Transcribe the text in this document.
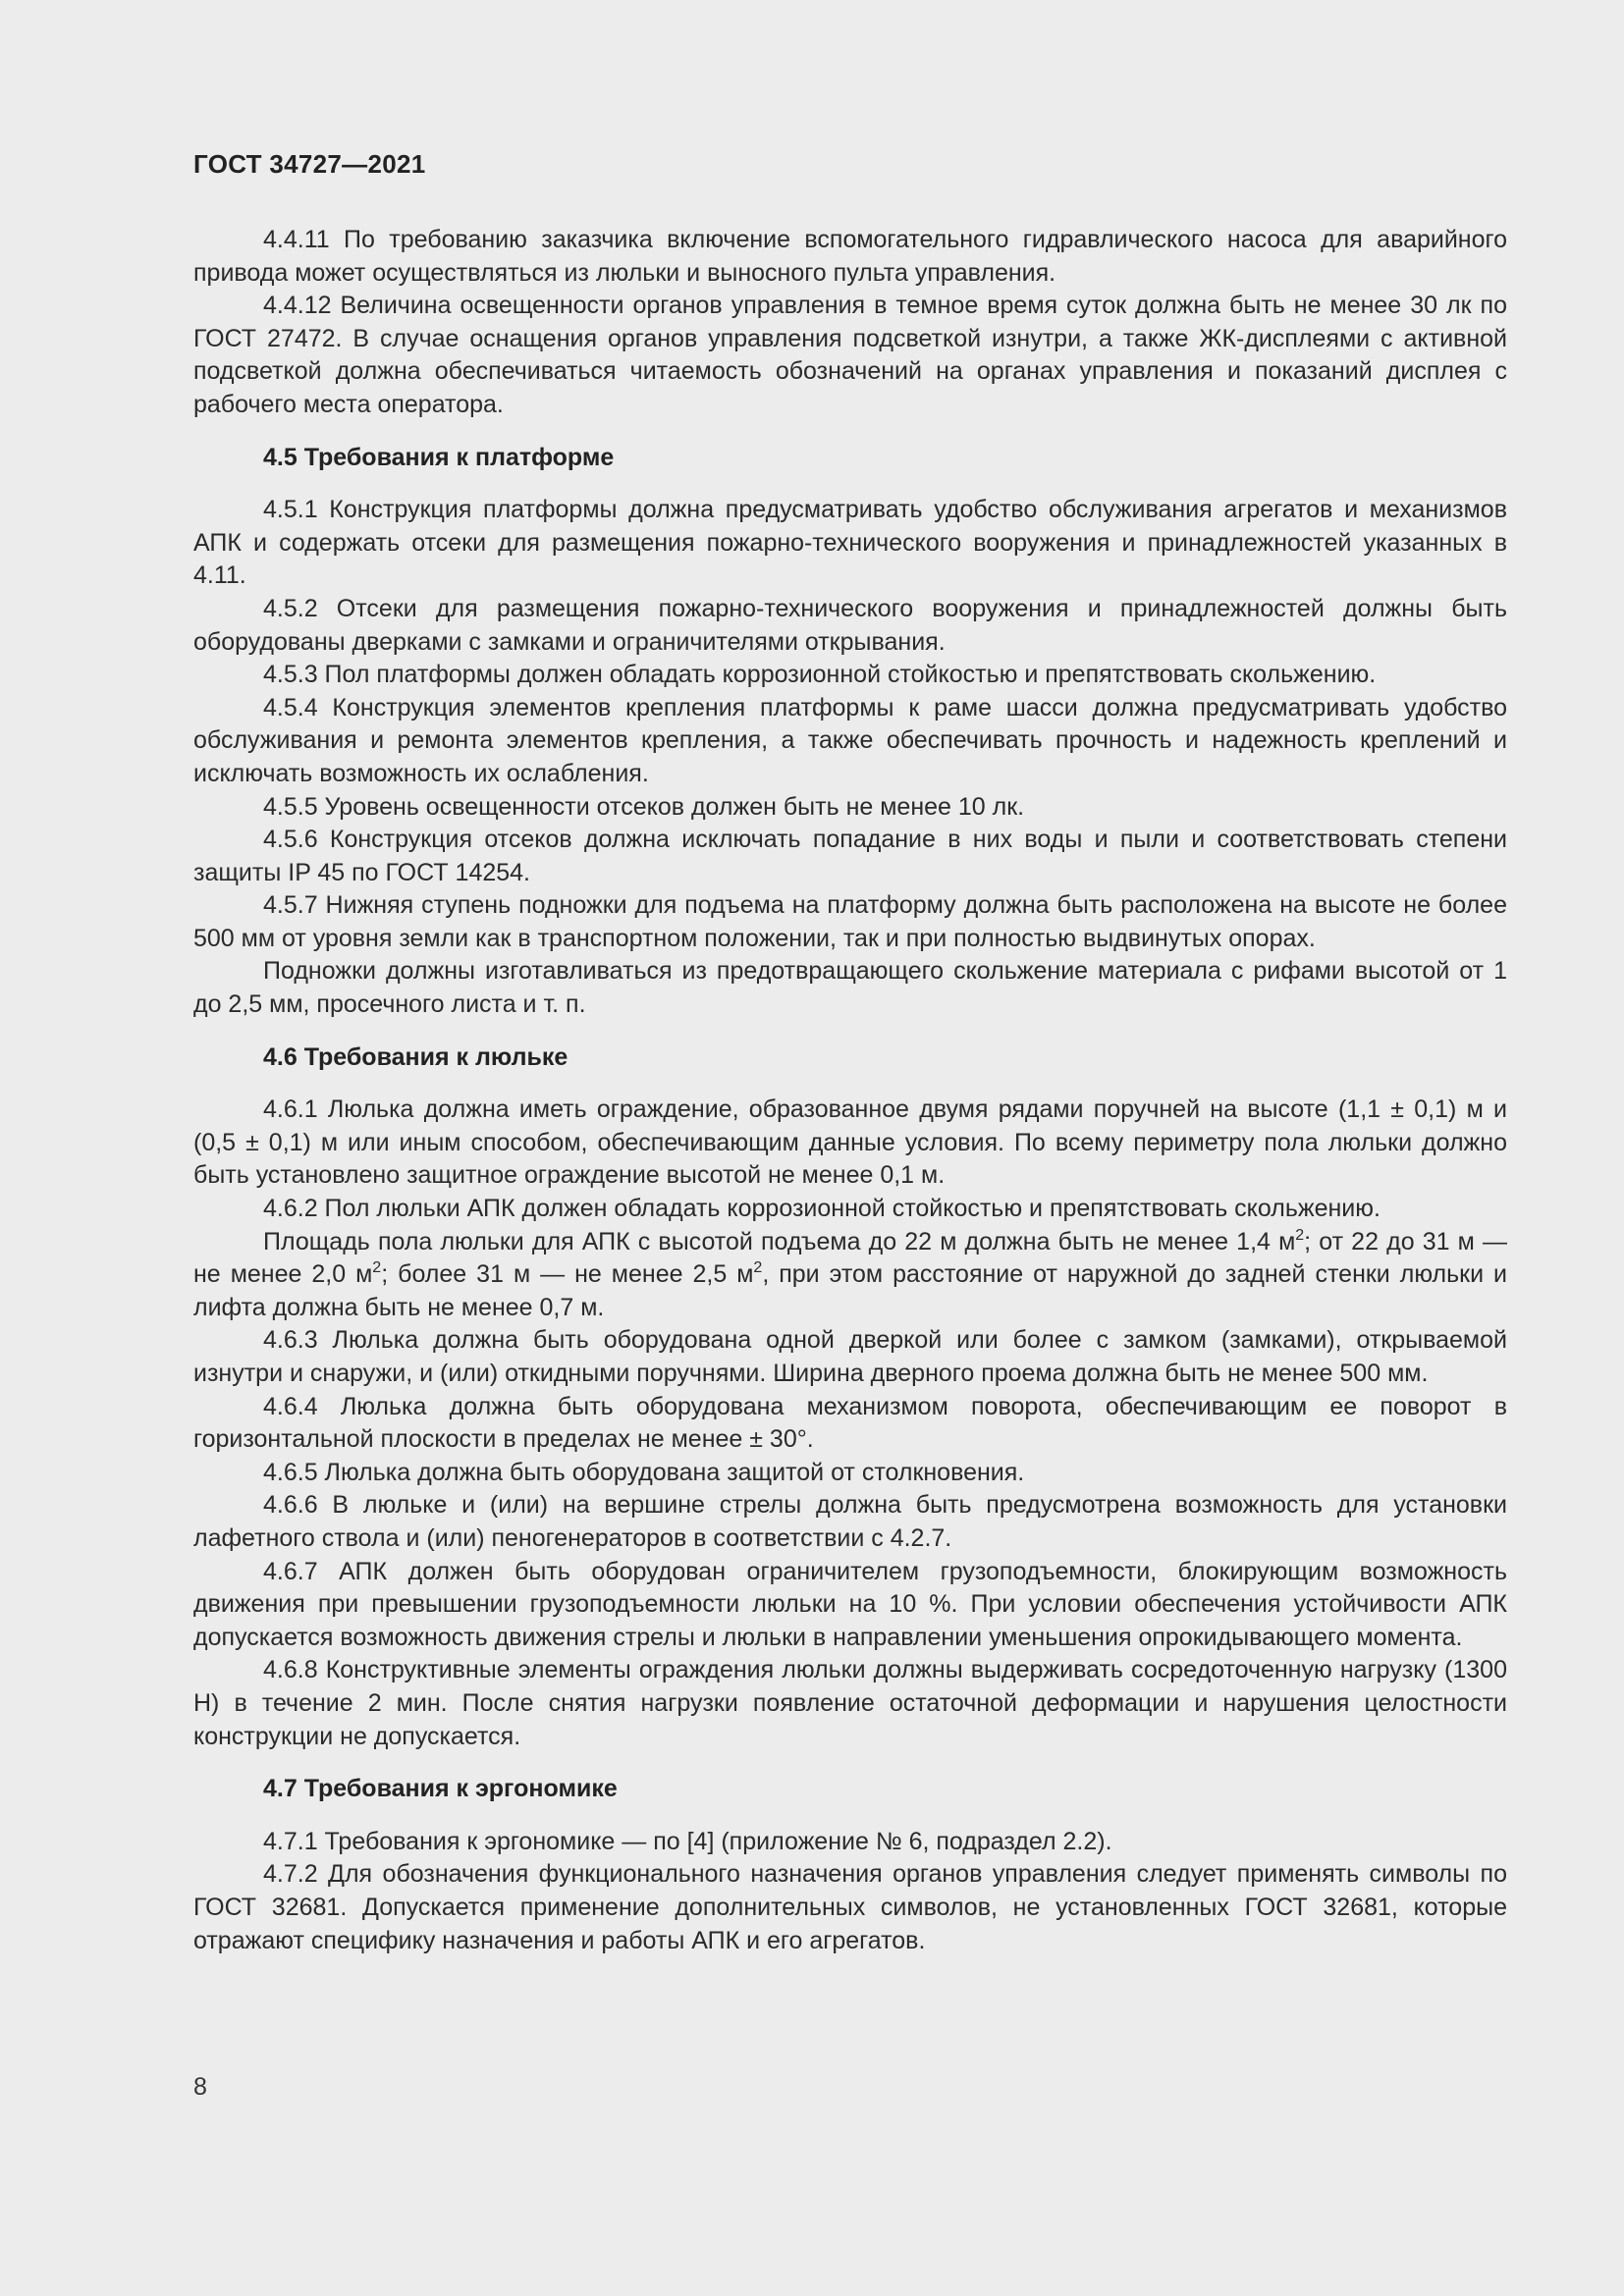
ГОСТ 34727—2021

4.4.11 По требованию заказчика включение вспомогательного гидравлического насоса для аварийного привода может осуществляться из люльки и выносного пульта управления.

4.4.12 Величина освещенности органов управления в темное время суток должна быть не менее 30 лк по ГОСТ 27472. В случае оснащения органов управления подсветкой изнутри, а также ЖК-дисплеями с активной подсветкой должна обеспечиваться читаемость обозначений на органах управления и показаний дисплея с рабочего места оператора.

4.5 Требования к платформе

4.5.1 Конструкция платформы должна предусматривать удобство обслуживания агрегатов и механизмов АПК и содержать отсеки для размещения пожарно-технического вооружения и принадлежностей указанных в 4.11.

4.5.2 Отсеки для размещения пожарно-технического вооружения и принадлежностей должны быть оборудованы дверками с замками и ограничителями открывания.

4.5.3 Пол платформы должен обладать коррозионной стойкостью и препятствовать скольжению.

4.5.4 Конструкция элементов крепления платформы к раме шасси должна предусматривать удобство обслуживания и ремонта элементов крепления, а также обеспечивать прочность и надежность креплений и исключать возможность их ослабления.

4.5.5 Уровень освещенности отсеков должен быть не менее 10 лк.

4.5.6 Конструкция отсеков должна исключать попадание в них воды и пыли и соответствовать степени защиты IP 45 по ГОСТ 14254.

4.5.7 Нижняя ступень подножки для подъема на платформу должна быть расположена на высоте не более 500 мм от уровня земли как в транспортном положении, так и при полностью выдвинутых опорах.

Подножки должны изготавливаться из предотвращающего скольжение материала с рифами высотой от 1 до 2,5 мм, просечного листа и т. п.

4.6 Требования к люльке

4.6.1 Люлька должна иметь ограждение, образованное двумя рядами поручней на высоте (1,1 ± 0,1) м и (0,5 ± 0,1) м или иным способом, обеспечивающим данные условия. По всему периметру пола люльки должно быть установлено защитное ограждение высотой не менее 0,1 м.

4.6.2 Пол люльки АПК должен обладать коррозионной стойкостью и препятствовать скольжению.

Площадь пола люльки для АПК с высотой подъема до 22 м должна быть не менее 1,4 $м^2$; от 22 до 31 м — не менее 2,0 $м^2$; более 31 м — не менее 2,5 $м^2$, при этом расстояние от наружной до задней стенки люльки и лифта должна быть не менее 0,7 м.

4.6.3 Люлька должна быть оборудована одной дверкой или более с замком (замками), открываемой изнутри и снаружи, и (или) откидными поручнями. Ширина дверного проема должна быть не менее 500 мм.

4.6.4 Люлька должна быть оборудована механизмом поворота, обеспечивающим ее поворот в горизонтальной плоскости в пределах не менее ± 30°.

4.6.5 Люлька должна быть оборудована защитой от столкновения.

4.6.6 В люльке и (или) на вершине стрелы должна быть предусмотрена возможность для установки лафетного ствола и (или) пеногенераторов в соответствии с 4.2.7.

4.6.7 АПК должен быть оборудован ограничителем грузоподъемности, блокирующим возможность движения при превышении грузоподъемности люльки на 10 %. При условии обеспечения устойчивости АПК допускается возможность движения стрелы и люльки в направлении уменьшения опрокидывающего момента.

4.6.8 Конструктивные элементы ограждения люльки должны выдерживать сосредоточенную нагрузку (1300 Н) в течение 2 мин. После снятия нагрузки появление остаточной деформации и нарушения целостности конструкции не допускается.

4.7 Требования к эргономике

4.7.1 Требования к эргономике — по [4] (приложение № 6, подраздел 2.2).

4.7.2 Для обозначения функционального назначения органов управления следует применять символы по ГОСТ 32681. Допускается применение дополнительных символов, не установленных ГОСТ 32681, которые отражают специфику назначения и работы АПК и его агрегатов.

8
